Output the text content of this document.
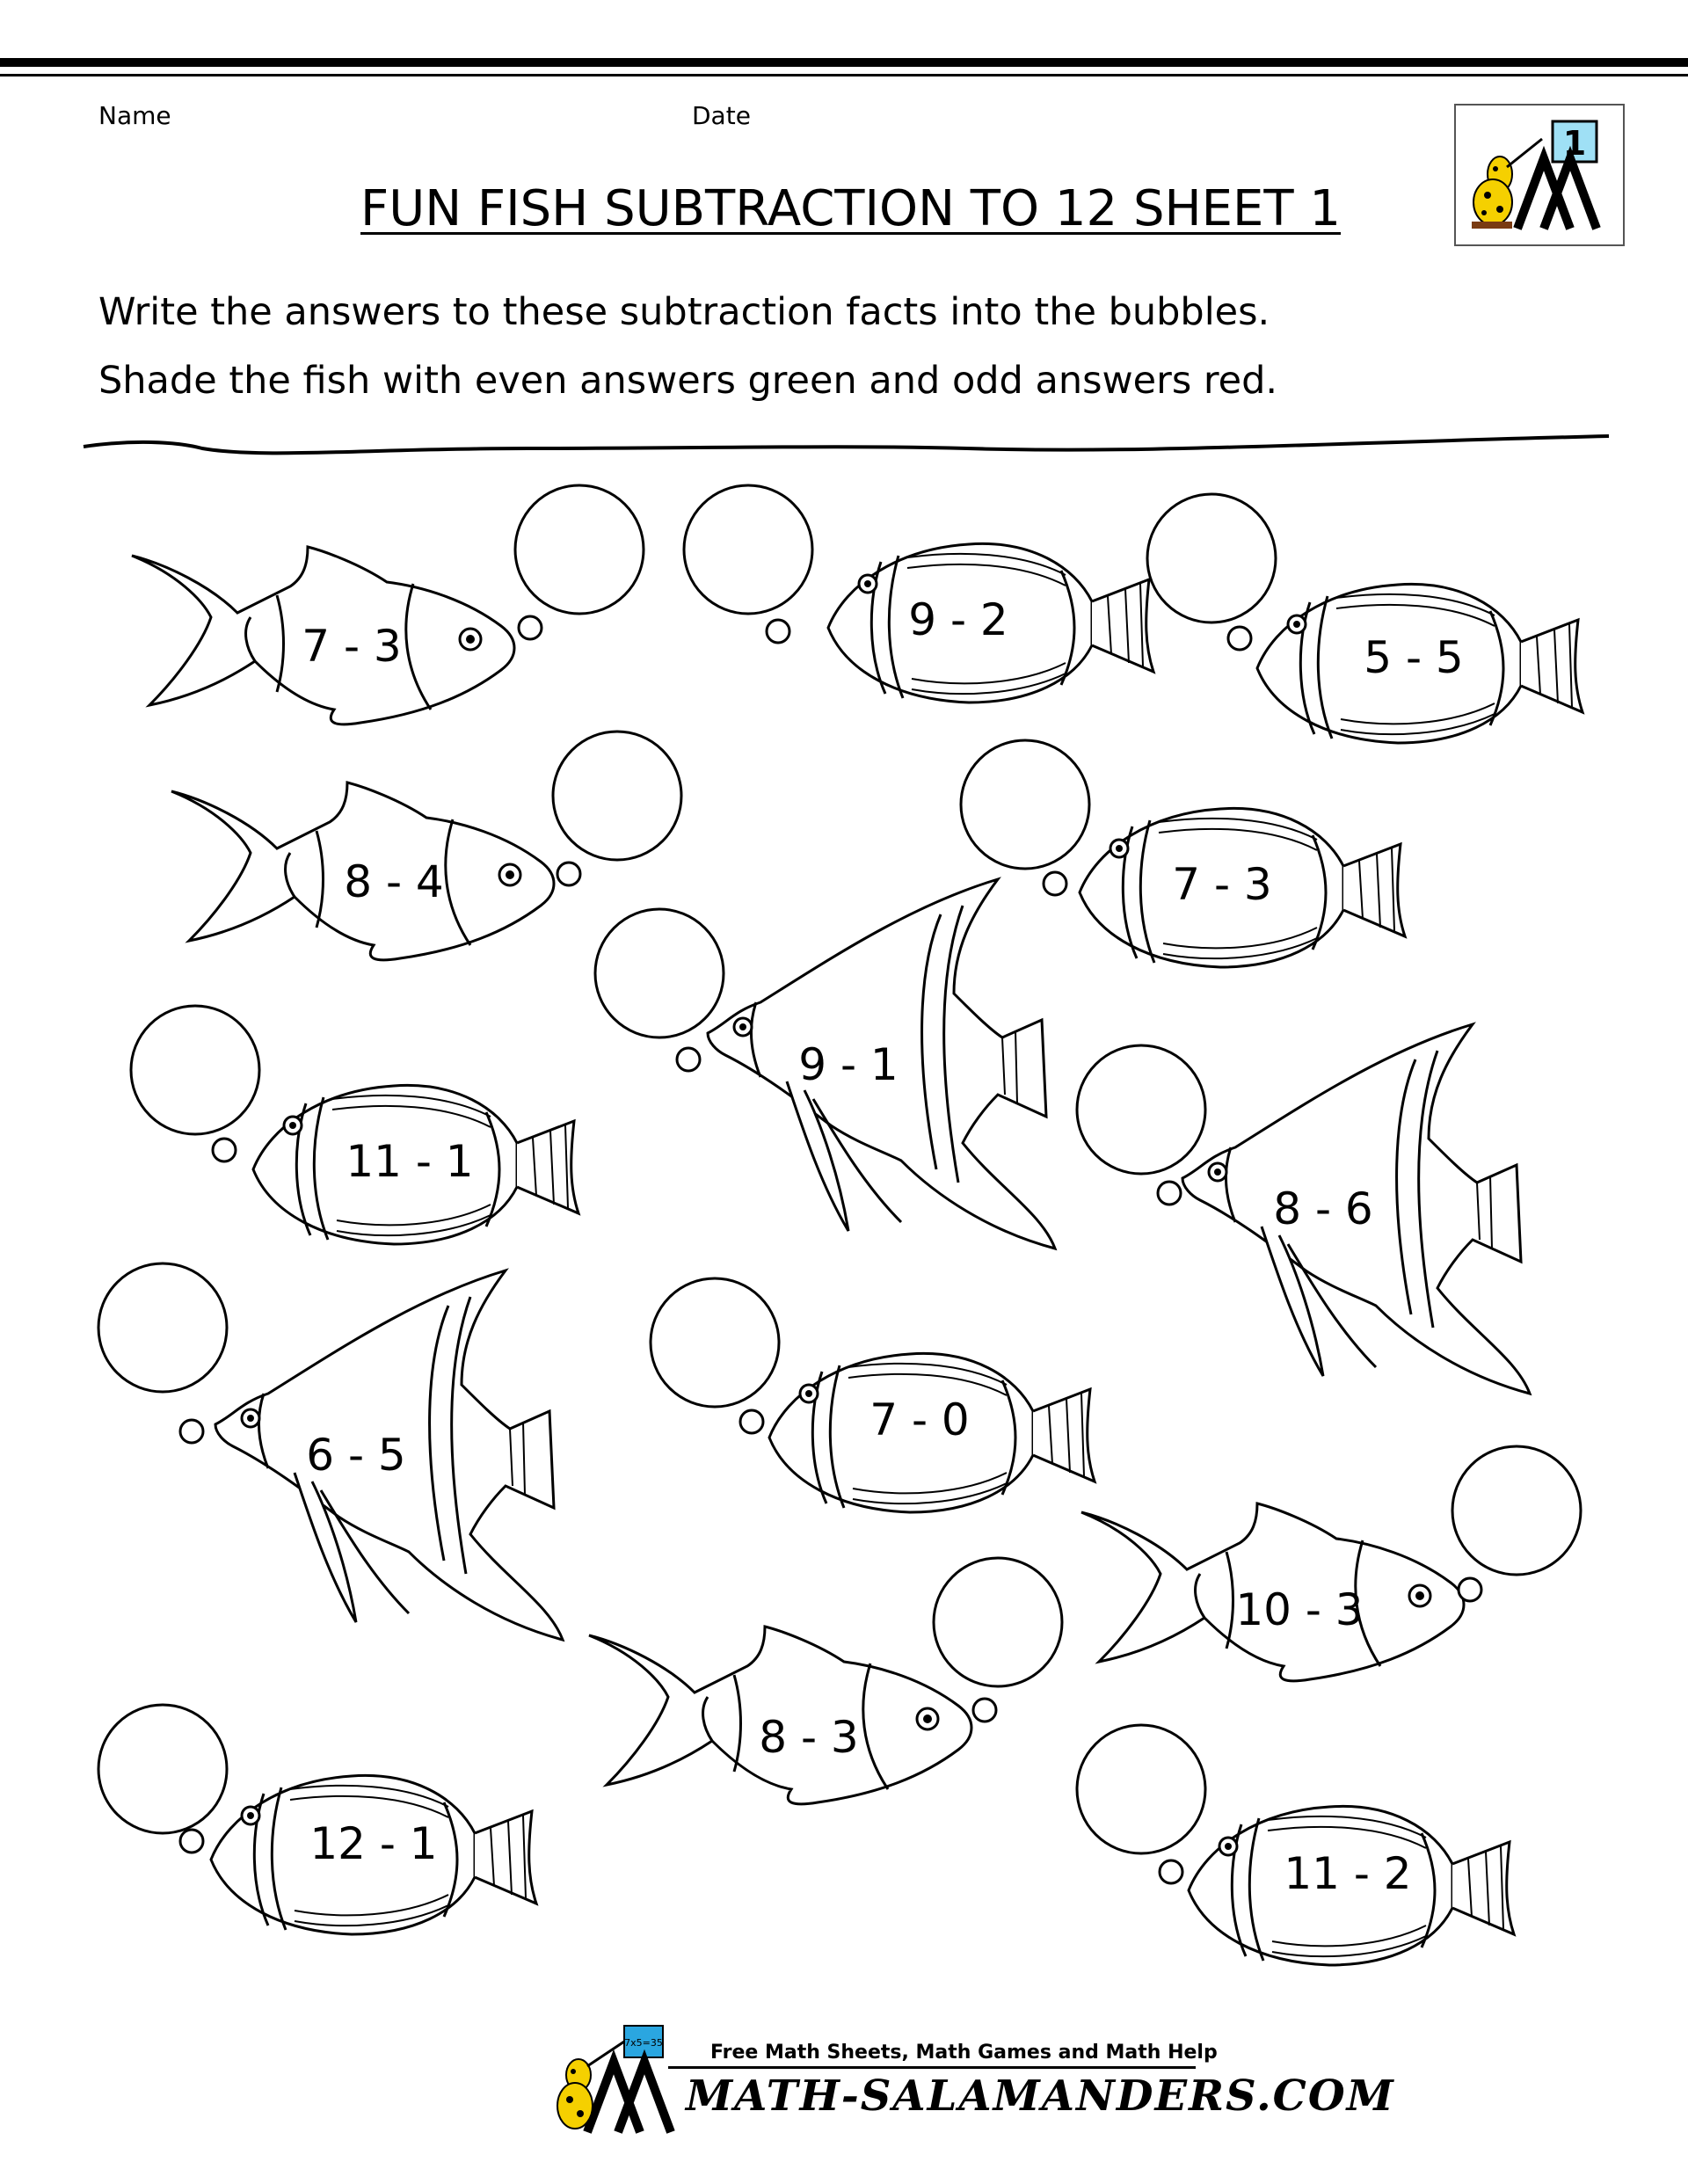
Name	Date
FUN FISH SUBTRACTION TO 12 SHEET 1
1
Write the answers to these subtraction facts into the bubbles.
Shade the fish with even answers green and odd answers red.
7 - 3
9 - 2
5 - 5
8 - 4	7 - 3
9 - 1
11 - 1
8 - 6
6 - 5
7 - 0
10 - 3
8 - 3
12 - 1
11 - 2
7x5=35 Free Math Sheets, Math Games and Math Help
MATH-SALAMANDERS.COM
